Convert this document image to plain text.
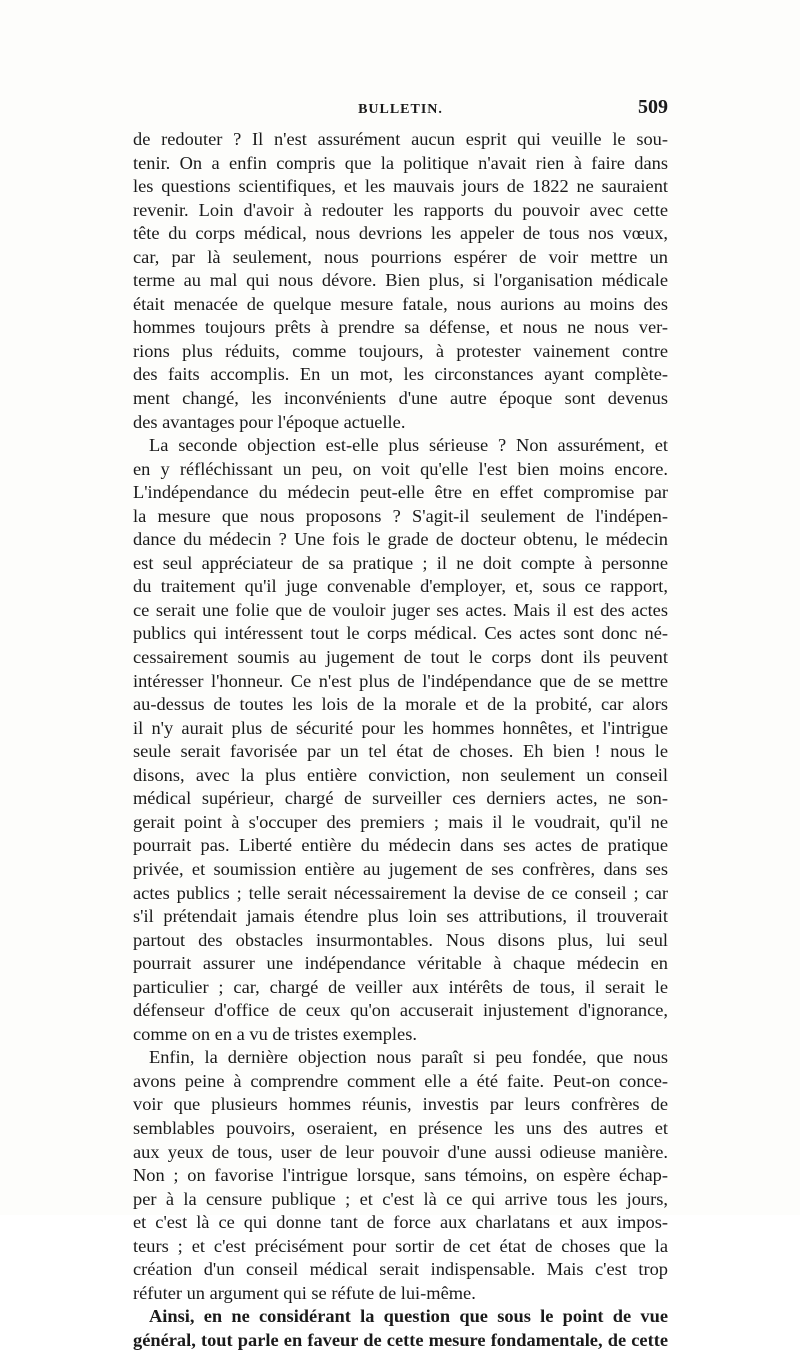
BULLETIN.	509
de redouter ? Il n'est assurément aucun esprit qui veuille le sou-
tenir. On a enfin compris que la politique n'avait rien à faire dans
les questions scientifiques, et les mauvais jours de 1822 ne sauraient
revenir. Loin d'avoir à redouter les rapports du pouvoir avec cette
tête du corps médical, nous devrions les appeler de tous nos vœux,
car, par là seulement, nous pourrions espérer de voir mettre un
terme au mal qui nous dévore. Bien plus, si l'organisation médicale
était menacée de quelque mesure fatale, nous aurions au moins des
hommes toujours prêts à prendre sa défense, et nous ne nous ver-
rions plus réduits, comme toujours, à protester vainement contre
des faits accomplis. En un mot, les circonstances ayant complète-
ment changé, les inconvénients d'une autre époque sont devenus
des avantages pour l'époque actuelle.
La seconde objection est-elle plus sérieuse ? Non assurément, et
en y réfléchissant un peu, on voit qu'elle l'est bien moins encore.
L'indépendance du médecin peut-elle être en effet compromise par
la mesure que nous proposons ? S'agit-il seulement de l'indépen-
dance du médecin ? Une fois le grade de docteur obtenu, le médecin
est seul appréciateur de sa pratique ; il ne doit compte à personne
du traitement qu'il juge convenable d'employer, et, sous ce rapport,
ce serait une folie que de vouloir juger ses actes. Mais il est des actes
publics qui intéressent tout le corps médical. Ces actes sont donc né-
cessairement soumis au jugement de tout le corps dont ils peuvent
intéresser l'honneur. Ce n'est plus de l'indépendance que de se mettre
au-dessus de toutes les lois de la morale et de la probité, car alors
il n'y aurait plus de sécurité pour les hommes honnêtes, et l'intrigue
seule serait favorisée par un tel état de choses. Eh bien ! nous le
disons, avec la plus entière conviction, non seulement un conseil
médical supérieur, chargé de surveiller ces derniers actes, ne son-
gerait point à s'occuper des premiers ; mais il le voudrait, qu'il ne
pourrait pas. Liberté entière du médecin dans ses actes de pratique
privée, et soumission entière au jugement de ses confrères, dans ses
actes publics ; telle serait nécessairement la devise de ce conseil ; car
s'il prétendait jamais étendre plus loin ses attributions, il trouverait
partout des obstacles insurmontables. Nous disons plus, lui seul
pourrait assurer une indépendance véritable à chaque médecin en
particulier ; car, chargé de veiller aux intérêts de tous, il serait le
défenseur d'office de ceux qu'on accuserait injustement d'ignorance,
comme on en a vu de tristes exemples.
Enfin, la dernière objection nous paraît si peu fondée, que nous
avons peine à comprendre comment elle a été faite. Peut-on conce-
voir que plusieurs hommes réunis, investis par leurs confrères de
semblables pouvoirs, oseraient, en présence les uns des autres et
aux yeux de tous, user de leur pouvoir d'une aussi odieuse manière.
Non ; on favorise l'intrigue lorsque, sans témoins, on espère échap-
per à la censure publique ; et c'est là ce qui arrive tous les jours,
et c'est là ce qui donne tant de force aux charlatans et aux impos-
teurs ; et c'est précisément pour sortir de cet état de choses que la
création d'un conseil médical serait indispensable. Mais c'est trop
réfuter un argument qui se réfute de lui-même.
Ainsi, en ne considérant la question que sous le point de vue
général, tout parle en faveur de cette mesure fondamentale, de cette
